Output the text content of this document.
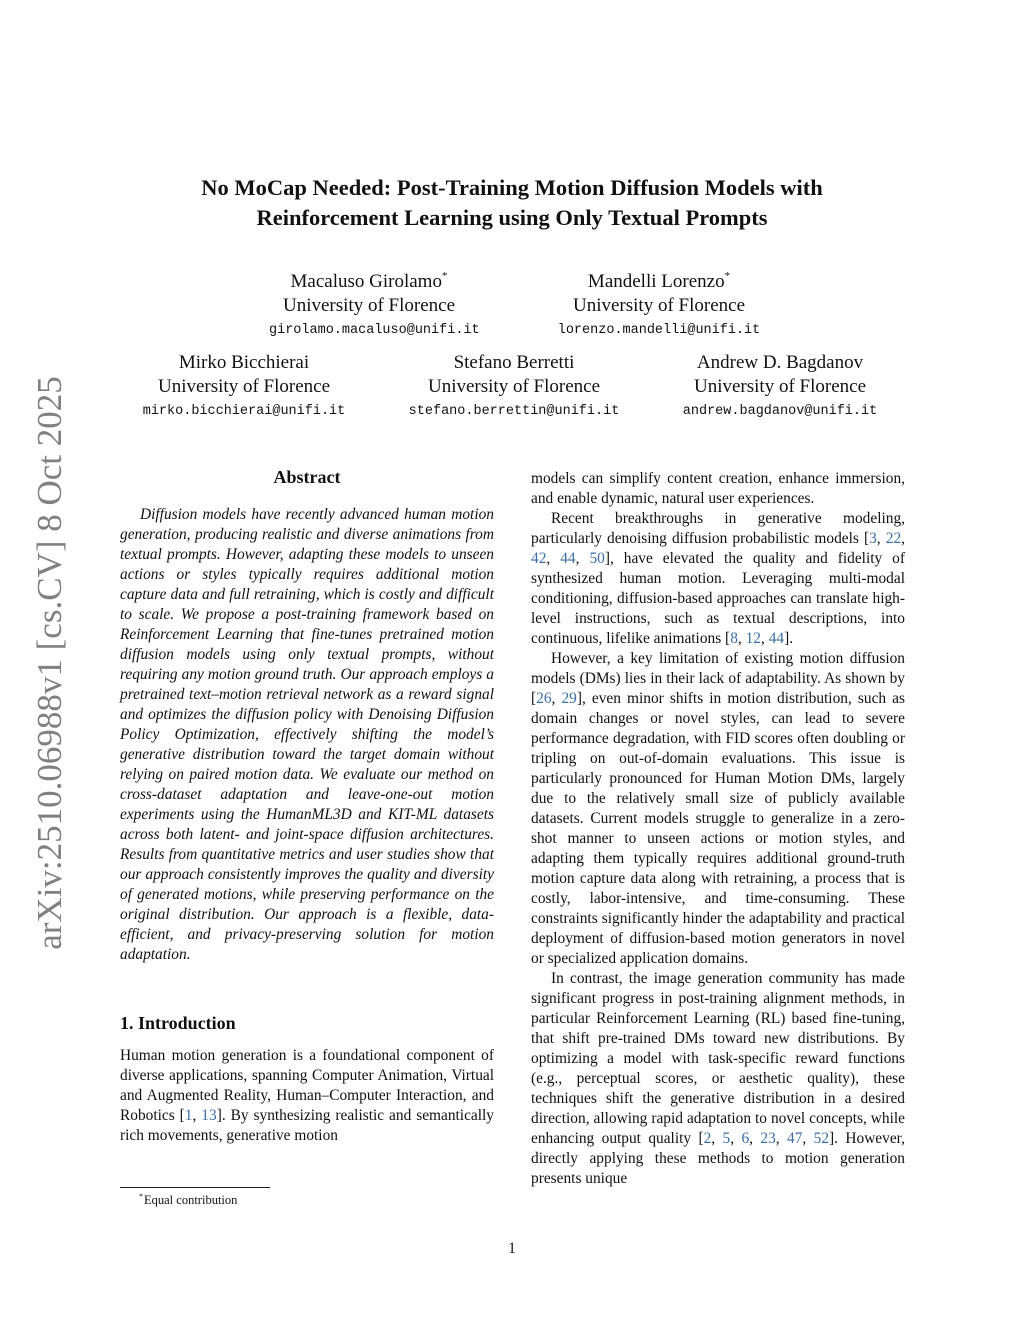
arXiv:2510.06988v1 [cs.CV] 8 Oct 2025
No MoCap Needed: Post-Training Motion Diffusion Models with
Reinforcement Learning using Only Textual Prompts
Macaluso Girolamo*
University of Florence
girolamo.macaluso@unifi.it
Mandelli Lorenzo*
University of Florence
lorenzo.mandelli@unifi.it
Mirko Bicchierai
University of Florence
mirko.bicchierai@unifi.it
Stefano Berretti
University of Florence
stefano.berrettin@unifi.it
Andrew D. Bagdanov
University of Florence
andrew.bagdanov@unifi.it
Abstract

Diffusion models have recently advanced human motion generation, producing realistic and diverse animations from textual prompts. However, adapting these models to unseen actions or styles typically requires additional motion capture data and full retraining, which is costly and difficult to scale. We propose a post-training framework based on Reinforcement Learning that fine-tunes pretrained motion diffusion models using only textual prompts, without requiring any motion ground truth. Our approach employs a pretrained text–motion retrieval network as a reward signal and optimizes the diffusion policy with Denoising Diffusion Policy Optimization, effectively shifting the model’s generative distribution toward the target domain without relying on paired motion data. We evaluate our method on cross-dataset adaptation and leave-one-out motion experiments using the HumanML3D and KIT-ML datasets across both latent- and joint-space diffusion architectures. Results from quantitative metrics and user studies show that our approach consistently improves the quality and diversity of generated motions, while preserving performance on the original distribution. Our approach is a flexible, data-efficient, and privacy-preserving solution for motion adaptation.

1. Introduction

Human motion generation is a foundational component of diverse applications, spanning Computer Animation, Virtual and Augmented Reality, Human–Computer Interaction, and Robotics [1, 13]. By synthesizing realistic and semantically rich movements, generative motion

models can simplify content creation, enhance immersion, and enable dynamic, natural user experiences.

Recent breakthroughs in generative modeling, particularly denoising diffusion probabilistic models [3, 22, 42, 44, 50], have elevated the quality and fidelity of synthesized human motion. Leveraging multi-modal conditioning, diffusion-based approaches can translate high-level instructions, such as textual descriptions, into continuous, lifelike animations [8, 12, 44].

However, a key limitation of existing motion diffusion models (DMs) lies in their lack of adaptability. As shown by [26, 29], even minor shifts in motion distribution, such as domain changes or novel styles, can lead to severe performance degradation, with FID scores often doubling or tripling on out-of-domain evaluations. This issue is particularly pronounced for Human Motion DMs, largely due to the relatively small size of publicly available datasets. Current models struggle to generalize in a zero-shot manner to unseen actions or motion styles, and adapting them typically requires additional ground-truth motion capture data along with retraining, a process that is costly, labor-intensive, and time-consuming. These constraints significantly hinder the adaptability and practical deployment of diffusion-based motion generators in novel or specialized application domains.

In contrast, the image generation community has made significant progress in post-training alignment methods, in particular Reinforcement Learning (RL) based fine-tuning, that shift pre-trained DMs toward new distributions. By optimizing a model with task-specific reward functions (e.g., perceptual scores, or aesthetic quality), these techniques shift the generative distribution in a desired direction, allowing rapid adaptation to novel concepts, while enhancing output quality [2, 5, 6, 23, 47, 52]. However, directly applying these methods to motion generation presents unique

*Equal contribution
1
